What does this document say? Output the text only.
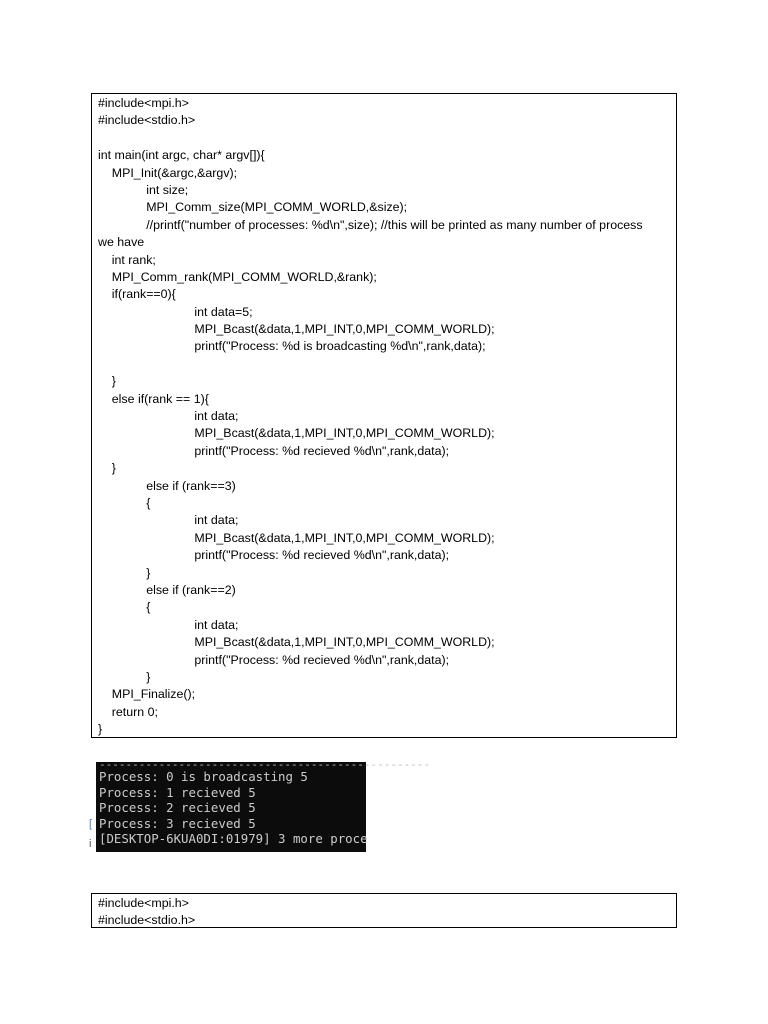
#include<mpi.h>
#include<stdio.h>
int main(int argc, char* argv[]){
MPI_Init(&argc,&argv);
int size;
MPI_Comm_size(MPI_COMM_WORLD,&size);
//printf("number of processes: %d\n",size); //this will be printed as many number of process
we have
int rank;
MPI_Comm_rank(MPI_COMM_WORLD,&rank);
if(rank==0){
int data=5;
MPI_Bcast(&data,1,MPI_INT,0,MPI_COMM_WORLD);
printf("Process: %d is broadcasting %d\n",rank,data);
}
else if(rank == 1){
int data;
MPI_Bcast(&data,1,MPI_INT,0,MPI_COMM_WORLD);
printf("Process: %d recieved %d\n",rank,data);
}
else if (rank==3)
{
int data;
MPI_Bcast(&data,1,MPI_INT,0,MPI_COMM_WORLD);
printf("Process: %d recieved %d\n",rank,data);
}
else if (rank==2)
{
int data;
MPI_Bcast(&data,1,MPI_INT,0,MPI_COMM_WORLD);
printf("Process: %d recieved %d\n",rank,data);
}
MPI_Finalize();
return 0;
}
--------------------------------------------------
Process: 0 is broadcasting 5
Process: 1 recieved 5
Process: 2 recieved 5
Process: 3 recieved 5
[DESKTOP-6KUA0DI:01979] 3 more proce
[
i
#include<mpi.h>
#include<stdio.h>
